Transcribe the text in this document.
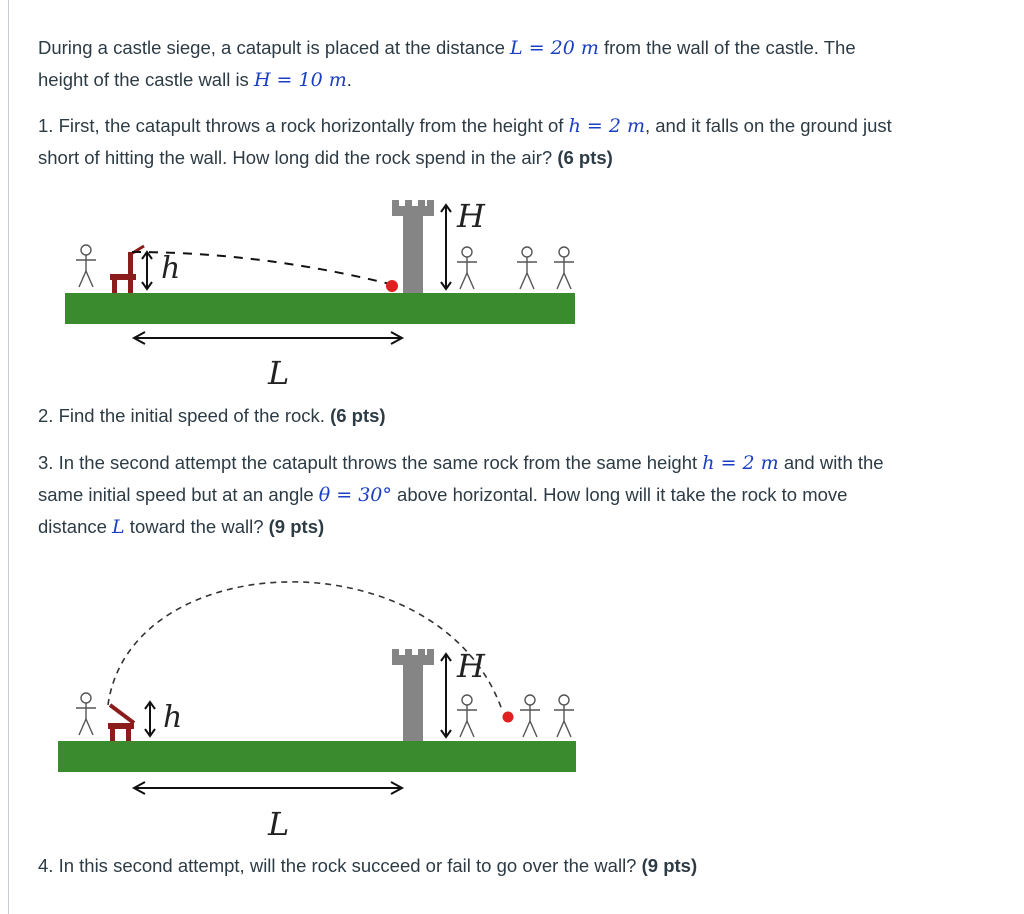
During a castle siege, a catapult is placed at the distance L = 20 m from the wall of the castle. The
height of the castle wall is H = 10 m.

1. First, the catapult throws a rock horizontally from the height of h = 2 m, and it falls on the ground just
short of hitting the wall. How long did the rock spend in the air? (6 pts)

h
H
L

2. Find the initial speed of the rock. (6 pts)

3. In the second attempt the catapult throws the same rock from the same height h = 2 m and with the
same initial speed but at an angle θ = 30° above horizontal. How long will it take the rock to move
distance L toward the wall? (9 pts)

h
H
L

4. In this second attempt, will the rock succeed or fail to go over the wall? (9 pts)
